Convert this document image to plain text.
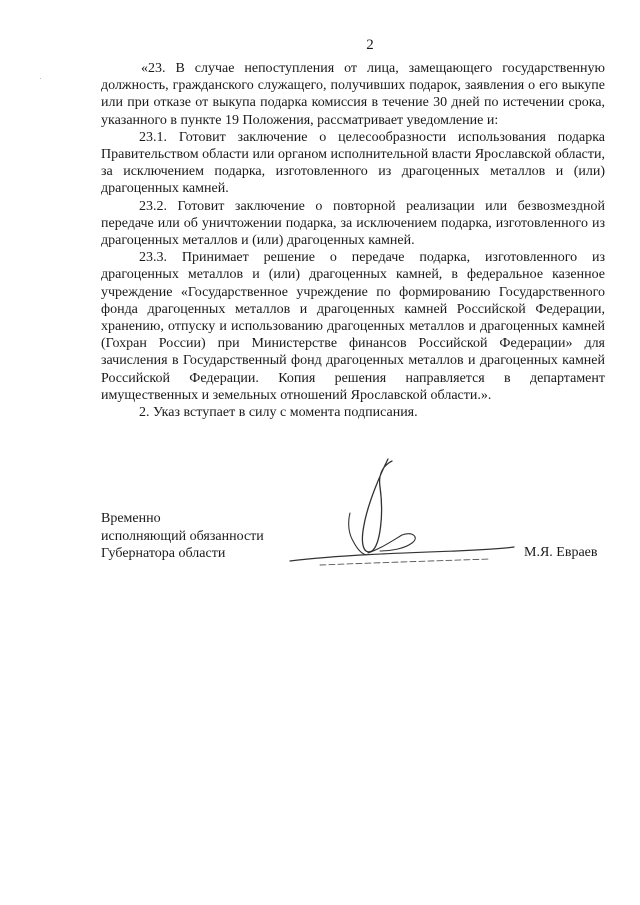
2

«23. В случае непоступления от лица, замещающего государственную должность, гражданского служащего, получивших подарок, заявления о его выкупе или при отказе от выкупа подарка комиссия в течение 30 дней по истечении срока, указанного в пункте 19 Положения, рассматривает уведомление и:

23.1. Готовит заключение о целесообразности использования подарка Правительством области или органом исполнительной власти Ярославской области, за исключением подарка, изготовленного из драгоценных металлов и (или) драгоценных камней.

23.2. Готовит заключение о повторной реализации или безвозмездной передаче или об уничтожении подарка, за исключением подарка, изготовленного из драгоценных металлов и (или) драгоценных камней.

23.3. Принимает решение о передаче подарка, изготовленного из драгоценных металлов и (или) драгоценных камней, в федеральное казенное учреждение «Государственное учреждение по формированию Государственного фонда драгоценных металлов и драгоценных камней Российской Федерации, хранению, отпуску и использованию драгоценных металлов и драгоценных камней (Гохран России) при Министерстве финансов Российской Федерации» для зачисления в Государственный фонд драгоценных металлов и драгоценных камней Российской Федерации. Копия решения направляется в департамент имущественных и земельных отношений Ярославской области.».

2. Указ вступает в силу с момента подписания.

Временно
исполняющий обязанности
Губернатора области	М.Я. Евраев
